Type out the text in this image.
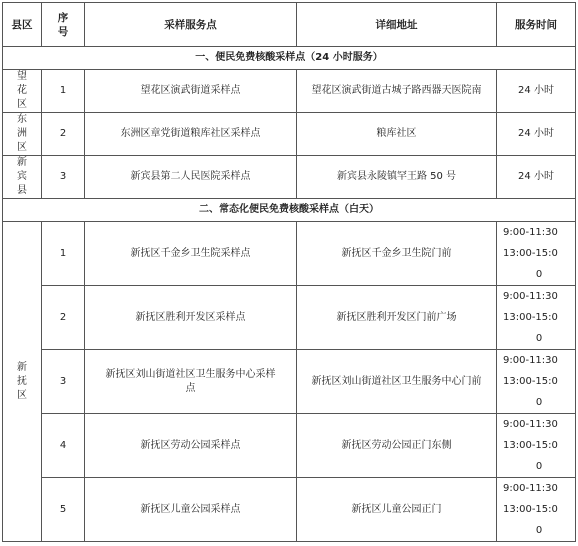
县区	序号	采样服务点	详细地址	服务时间
一、便民免费核酸采样点（24 小时服务）				
望花区	1	望花区演武街道采样点	望花区演武街道古城子路西器天医院南	24 小时
东洲区	2	东洲区章党街道粮库社区采样点	粮库社区	24 小时
新宾县	3	新宾县第二人民医院采样点	新宾县永陵镇罕王路 50 号	24 小时
二、常态化便民免费核酸采样点（白天）				
新抚区	1	新抚区千金乡卫生院采样点	新抚区千金乡卫生院门前	9:00-11:30
13:00-15:0
0

	2	新抚区胜利开发区采样点	新抚区胜利开发区门前广场	9:00-11:30
13:00-15:0
0

	3	新抚区刘山街道社区卫生服务中心采样点	新抚区刘山街道社区卫生服务中心门前	9:00-11:30
13:00-15:0
0

	4	新抚区劳动公园采样点	新抚区劳动公园正门东侧	9:00-11:30
13:00-15:0
0

	5	新抚区儿童公园采样点	新抚区儿童公园正门	9:00-11:30
13:00-15:0
0
